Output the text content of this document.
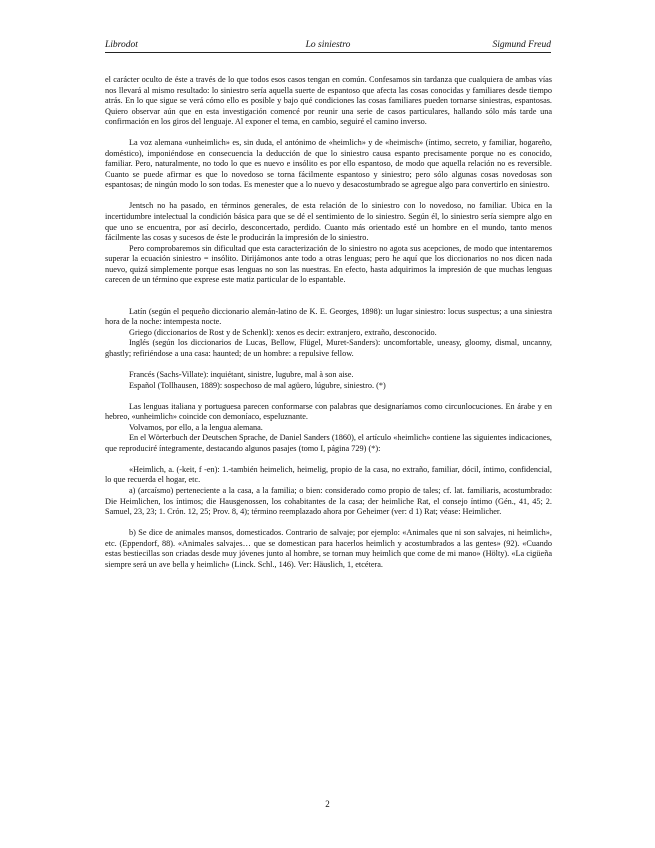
Librodot	Lo siniestro	Sigmund Freud

el carácter oculto de éste a través de lo que todos esos casos tengan en común. Confesamos sin tardanza que cualquiera de ambas vías nos llevará al mismo resultado: lo siniestro sería aquella suerte de espantoso que afecta las cosas conocidas y familiares desde tiempo atrás. En lo que sigue se verá cómo ello es posible y bajo qué condiciones las cosas familiares pueden tornarse siniestras, espantosas. Quiero observar aún que en esta investigación comencé por reunir una serie de casos particulares, hallando sólo más tarde una confirmación en los giros del lenguaje. Al exponer el tema, en cambio, seguiré el camino inverso.

La voz alemana «unheimlich» es, sin duda, el antónimo de «heimlich» y de «heimisch» (íntimo, secreto, y familiar, hogareño, doméstico), imponiéndose en consecuencia la deducción de que lo siniestro causa espanto precisamente porque no es conocido, familiar. Pero, naturalmente, no todo lo que es nuevo e insólito es por ello espantoso, de modo que aquella relación no es reversible. Cuanto se puede afirmar es que lo novedoso se torna fácilmente espantoso y siniestro; pero sólo algunas cosas novedosas son espantosas; de ningún modo lo son todas. Es menester que a lo nuevo y desacostumbrado se agregue algo para convertirlo en siniestro.

Jentsch no ha pasado, en términos generales, de esta relación de lo siniestro con lo novedoso, no familiar. Ubica en la incertidumbre intelectual la condición básica para que se dé el sentimiento de lo siniestro. Según él, lo siniestro sería siempre algo en que uno se encuentra, por así decirlo, desconcertado, perdido. Cuanto más orientado esté un hombre en el mundo, tanto menos fácilmente las cosas y sucesos de éste le producirán la impresión de lo siniestro.

Pero comprobaremos sin dificultad que esta caracterización de lo siniestro no agota sus acepciones, de modo que intentaremos superar la ecuación siniestro = insólito. Dirijámonos ante todo a otras lenguas; pero he aquí que los diccionarios no nos dicen nada nuevo, quizá simplemente porque esas lenguas no son las nuestras. En efecto, hasta adquirimos la impresión de que muchas lenguas carecen de un término que exprese este matiz particular de lo espantable.

Latín (según el pequeño diccionario alemán-latino de K. E. Georges, 1898): un lugar siniestro: locus suspectus; a una siniestra hora de la noche: intempesta nocte.

Griego (diccionarios de Rost y de Schenkl): xenos es decir: extranjero, extraño, desconocido.

Inglés (según los diccionarios de Lucas, Bellow, Flügel, Muret-Sanders): uncomfortable, uneasy, gloomy, dismal, uncanny, ghastly; refiriéndose a una casa: haunted; de un hombre: a repulsive fellow.

Francés (Sachs-Villate): inquiétant, sinistre, lugubre, mal à son aise.

Español (Tollhausen, 1889): sospechoso de mal agüero, lúgubre, siniestro. (*)

Las lenguas italiana y portuguesa parecen conformarse con palabras que designaríamos como circunlocuciones. En árabe y en hebreo, «unheimlich» coincide con demoníaco, espeluznante.

Volvamos, por ello, a la lengua alemana.

En el Wörterbuch der Deutschen Sprache, de Daniel Sanders (1860), el artículo «heimlich» contiene las siguientes indicaciones, que reproduciré íntegramente, destacando algunos pasajes (tomo I, página 729) (*):

«Heimlich, a. (-keit, f -en): 1.-también heimelich, heimelig, propio de la casa, no extraño, familiar, dócil, íntimo, confidencial, lo que recuerda el hogar, etc.

a) (arcaísmo) perteneciente a la casa, a la familia; o bien: considerado como propio de tales; cf. lat. familiaris, acostumbrado: Die Heimlichen, los íntimos; die Hausgenossen, los cohabitantes de la casa; der heimliche Rat, el consejo íntimo (Gén., 41, 45; 2. Samuel, 23, 23; 1. Crón. 12, 25; Prov. 8, 4); término reemplazado ahora por Geheimer (ver: d 1) Rat; véase: Heimlicher.

b) Se dice de animales mansos, domesticados. Contrario de salvaje; por ejemplo: «Animales que ni son salvajes, ni heimlich», etc. (Eppendorf, 88). «Animales salvajes… que se domestican para hacerlos heimlich y acostumbrados a las gentes» (92). «Cuando estas bestiecillas son criadas desde muy jóvenes junto al hombre, se tornan muy heimlich que come de mi mano» (Hölty). «La cigüeña siempre será un ave bella y heimlich» (Linck. Schl., 146). Ver: Häuslich, 1, etcétera.

2
